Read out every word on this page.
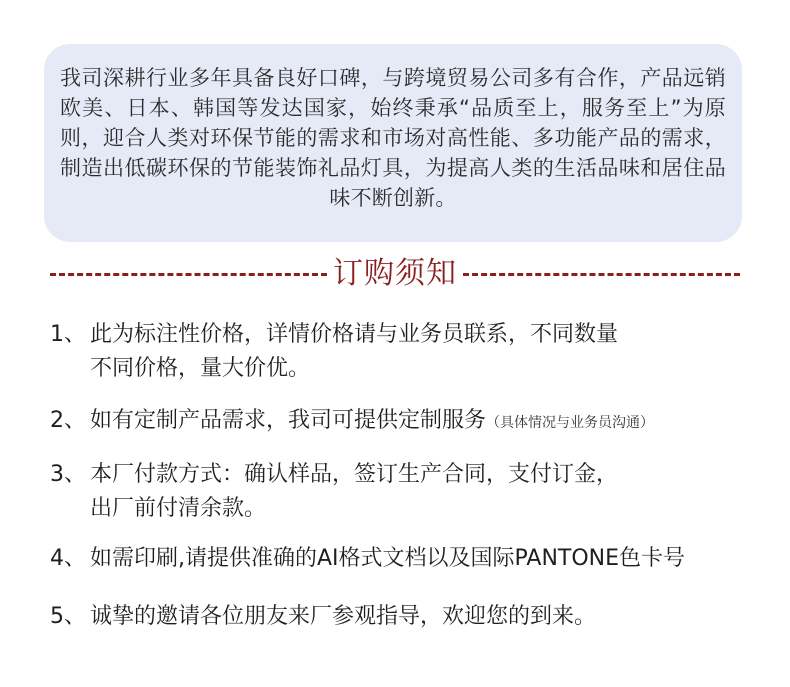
我司深耕行业多年具备良好口碑，与跨境贸易公司多有合作，产品远销欧美、日本、韩国等发达国家，始终秉承“品质至上，服务至上”为原则，迎合人类对环保节能的需求和市场对高性能、多功能产品的需求，制造出低碳环保的节能装饰礼品灯具，为提高人类的生活品味和居住品味不断创新。

订购须知
1、 此为标注性价格，详情价格请与业务员联系，不同数量
不同价格，量大价优。
2、 如有定制产品需求，我司可提供定制服务（具体情况与业务员沟通）
3、 本厂付款方式：确认样品，签订生产合同，支付订金，
出厂前付清余款。
4、 如需印刷,请提供准确的AI格式文档以及国际PANTONE色卡号
5、 诚挚的邀请各位朋友来厂参观指导，欢迎您的到来。
